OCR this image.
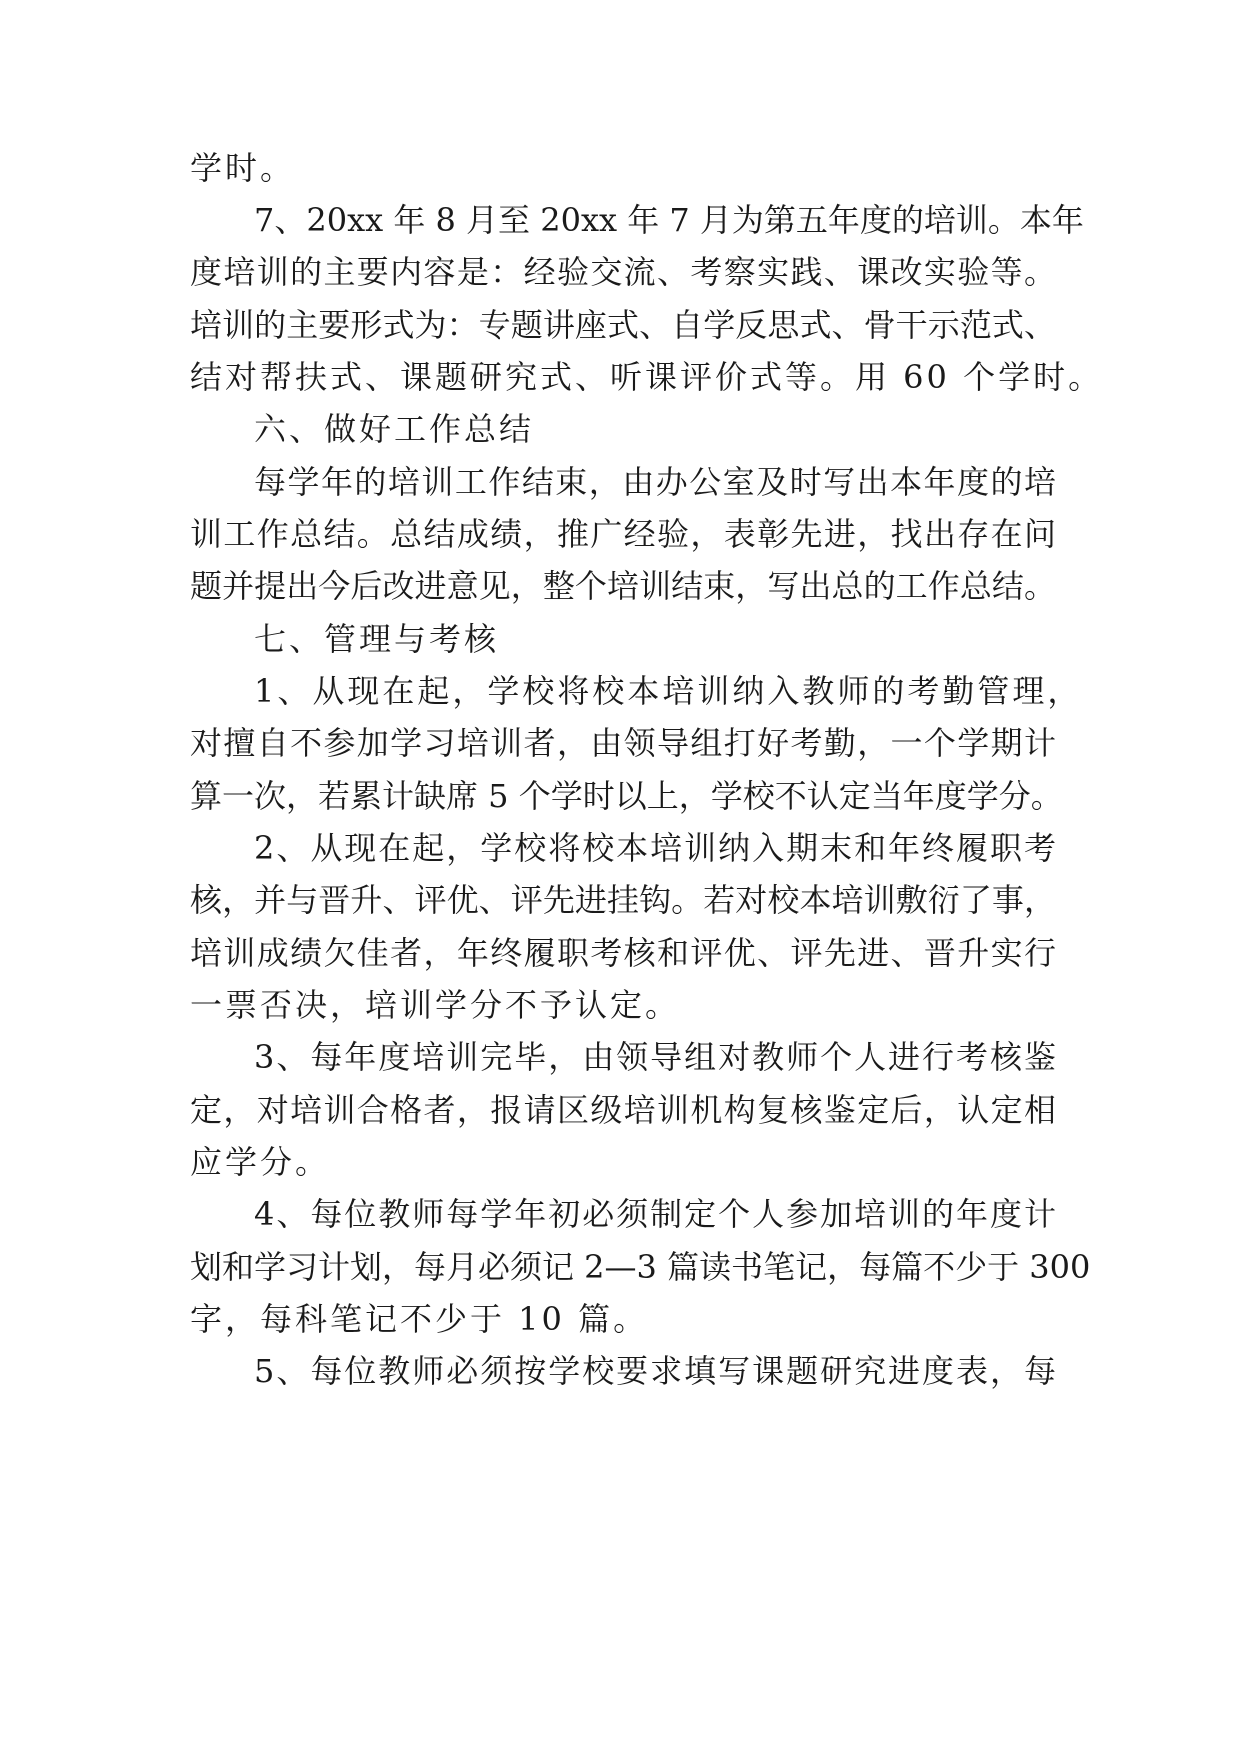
学时。
7、20xx 年 8 月至 20xx 年 7 月为第五年度的培训。本年
度培训的主要内容是：经验交流、考察实践、课改实验等。
培训的主要形式为：专题讲座式、自学反思式、骨干示范式、
结对帮扶式、课题研究式、听课评价式等。用 60 个学时。
六、做好工作总结
每学年的培训工作结束，由办公室及时写出本年度的培
训工作总结。总结成绩，推广经验，表彰先进，找出存在问
题并提出今后改进意见，整个培训结束，写出总的工作总结。
七、管理与考核
1、从现在起，学校将校本培训纳入教师的考勤管理，
对擅自不参加学习培训者，由领导组打好考勤，一个学期计
算一次，若累计缺席 5 个学时以上，学校不认定当年度学分。
2、从现在起，学校将校本培训纳入期末和年终履职考
核，并与晋升、评优、评先进挂钩。若对校本培训敷衍了事，
培训成绩欠佳者，年终履职考核和评优、评先进、晋升实行
一票否决，培训学分不予认定。
3、每年度培训完毕，由领导组对教师个人进行考核鉴
定，对培训合格者，报请区级培训机构复核鉴定后，认定相
应学分。
4、每位教师每学年初必须制定个人参加培训的年度计
划和学习计划，每月必须记 2—3 篇读书笔记，每篇不少于 300
字，每科笔记不少于 10 篇。
5、每位教师必须按学校要求填写课题研究进度表，每
